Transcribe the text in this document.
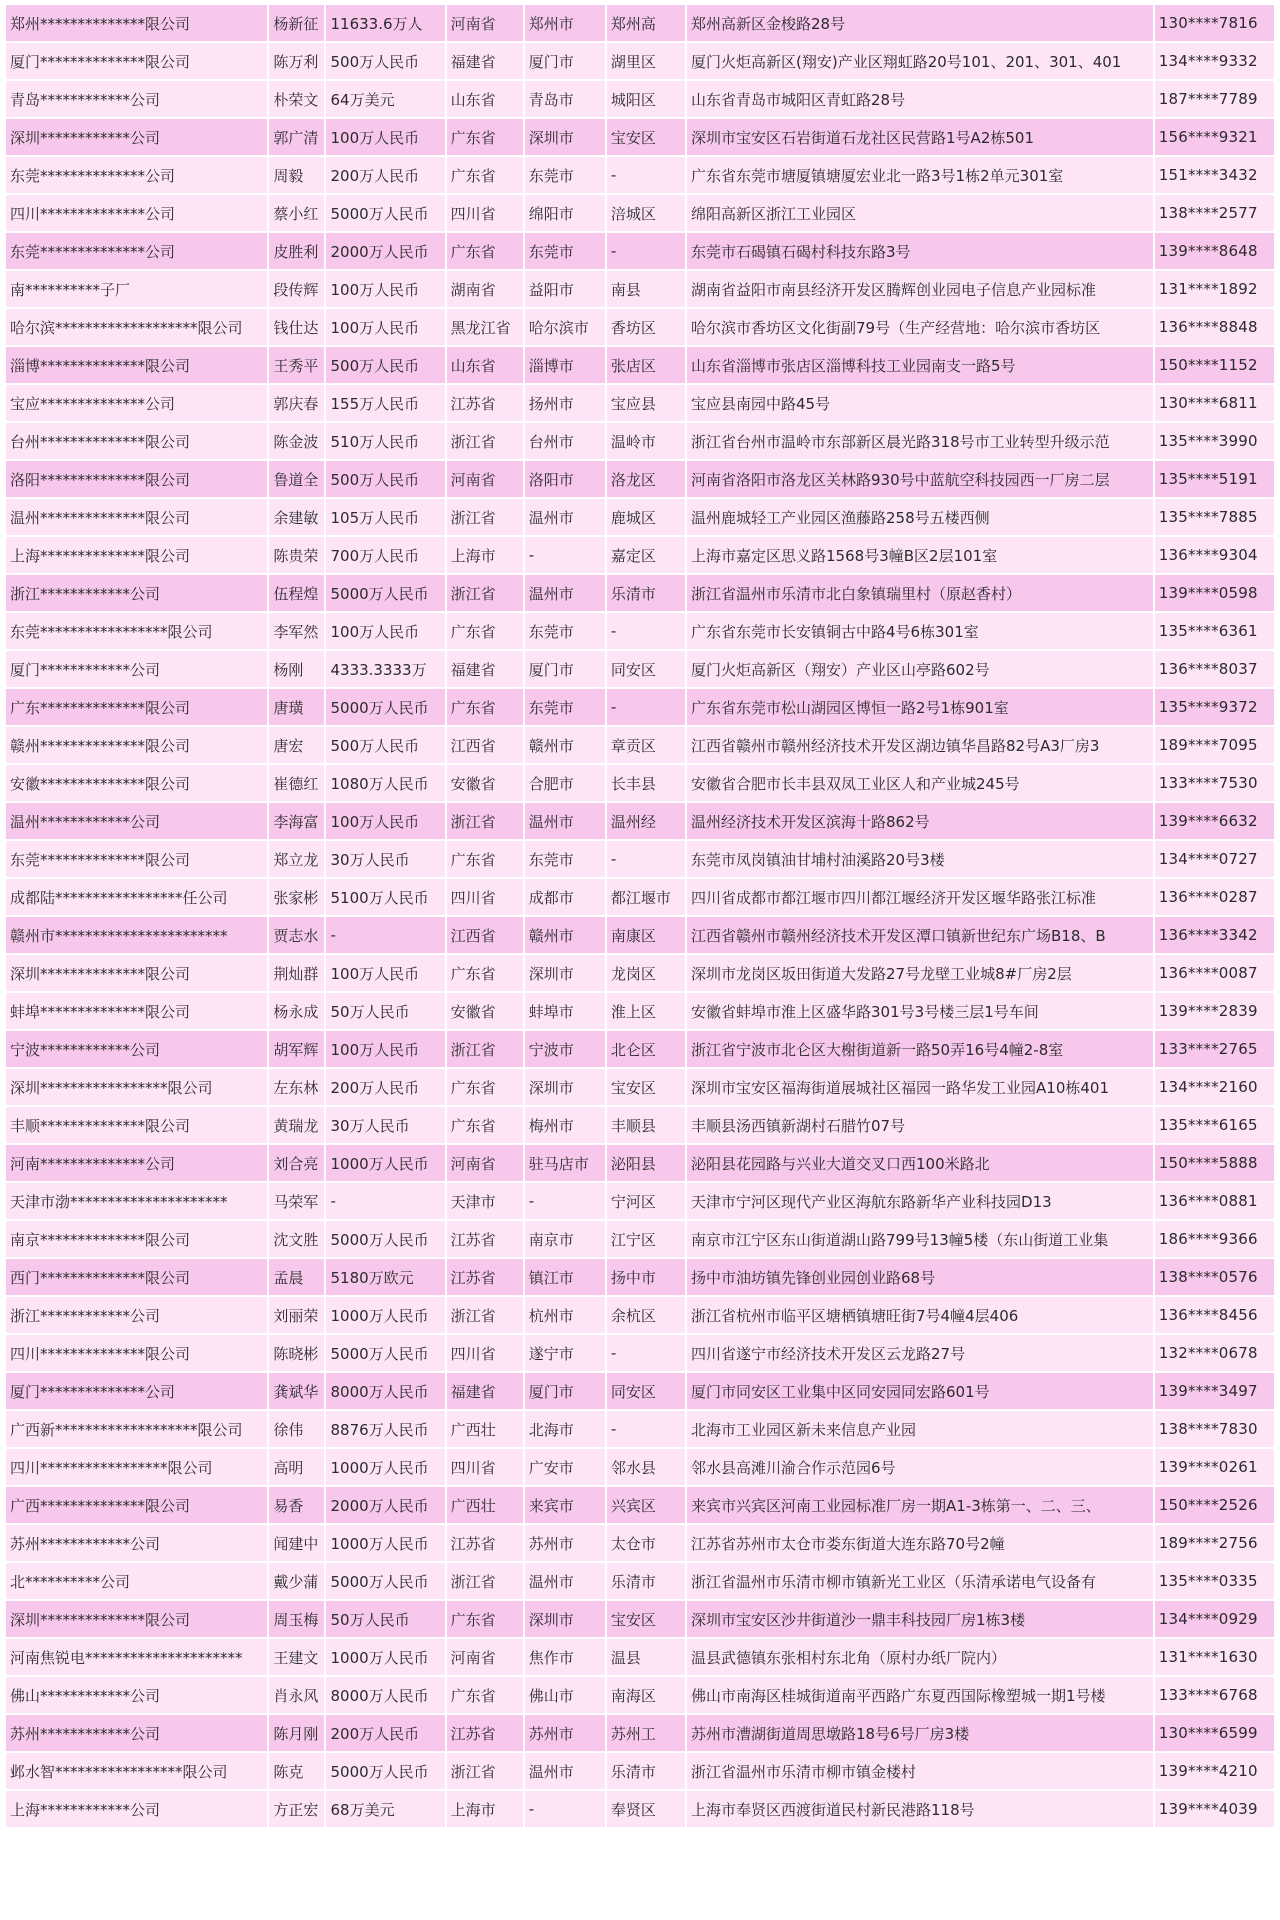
郑州**************限公司	杨新征	11633.6万人	河南省	郑州市	郑州高	郑州高新区金梭路28号	130****7816
厦门**************限公司	陈万利	500万人民币	福建省	厦门市	湖里区	厦门火炬高新区(翔安)产业区翔虹路20号101、201、301、401	134****9332
青岛************公司	朴荣文	64万美元	山东省	青岛市	城阳区	山东省青岛市城阳区青虹路28号	187****7789
深圳************公司	郭广清	100万人民币	广东省	深圳市	宝安区	深圳市宝安区石岩街道石龙社区民营路1号A2栋501	156****9321
东莞**************公司	周毅	200万人民币	广东省	东莞市	-	广东省东莞市塘厦镇塘厦宏业北一路3号1栋2单元301室	151****3432
四川**************公司	蔡小红	5000万人民币	四川省	绵阳市	涪城区	绵阳高新区浙江工业园区	138****2577
东莞**************公司	皮胜利	2000万人民币	广东省	东莞市	-	东莞市石碣镇石碣村科技东路3号	139****8648
南**********子厂	段传辉	100万人民币	湖南省	益阳市	南县	湖南省益阳市南县经济开发区腾辉创业园电子信息产业园标准	131****1892
哈尔滨*******************限公司	钱仕达	100万人民币	黑龙江省	哈尔滨市	香坊区	哈尔滨市香坊区文化街副79号（生产经营地：哈尔滨市香坊区	136****8848
淄博**************限公司	王秀平	500万人民币	山东省	淄博市	张店区	山东省淄博市张店区淄博科技工业园南支一路5号	150****1152
宝应**************公司	郭庆春	155万人民币	江苏省	扬州市	宝应县	宝应县南园中路45号	130****6811
台州**************限公司	陈金波	510万人民币	浙江省	台州市	温岭市	浙江省台州市温岭市东部新区晨光路318号市工业转型升级示范	135****3990
洛阳**************限公司	鲁道全	500万人民币	河南省	洛阳市	洛龙区	河南省洛阳市洛龙区关林路930号中蓝航空科技园西一厂房二层	135****5191
温州**************限公司	余建敏	105万人民币	浙江省	温州市	鹿城区	温州鹿城轻工产业园区渔藤路258号五楼西侧	135****7885
上海**************限公司	陈贵荣	700万人民币	上海市	-	嘉定区	上海市嘉定区思义路1568号3幢B区2层101室	136****9304
浙江************公司	伍程煌	5000万人民币	浙江省	温州市	乐清市	浙江省温州市乐清市北白象镇瑞里村（原赵香村）	139****0598
东莞*****************限公司	李军然	100万人民币	广东省	东莞市	-	广东省东莞市长安镇铜古中路4号6栋301室	135****6361
厦门************公司	杨刚	4333.3333万	福建省	厦门市	同安区	厦门火炬高新区（翔安）产业区山亭路602号	136****8037
广东**************限公司	唐璜	5000万人民币	广东省	东莞市	-	广东省东莞市松山湖园区博恒一路2号1栋901室	135****9372
赣州**************限公司	唐宏	500万人民币	江西省	赣州市	章贡区	江西省赣州市赣州经济技术开发区湖边镇华昌路82号A3厂房3	189****7095
安徽**************限公司	崔德红	1080万人民币	安徽省	合肥市	长丰县	安徽省合肥市长丰县双凤工业区人和产业城245号	133****7530
温州************公司	李海富	100万人民币	浙江省	温州市	温州经	温州经济技术开发区滨海十路862号	139****6632
东莞**************限公司	郑立龙	30万人民币	广东省	东莞市	-	东莞市凤岗镇油甘埔村油溪路20号3楼	134****0727
成都陆*****************任公司	张家彬	5100万人民币	四川省	成都市	都江堰市	四川省成都市都江堰市四川都江堰经济开发区堰华路张江标准	136****0287
赣州市***********************	贾志水	-	江西省	赣州市	南康区	江西省赣州市赣州经济技术开发区潭口镇新世纪东广场B18、B	136****3342
深圳**************限公司	荆灿群	100万人民币	广东省	深圳市	龙岗区	深圳市龙岗区坂田街道大发路27号龙壁工业城8#厂房2层	136****0087
蚌埠**************限公司	杨永成	50万人民币	安徽省	蚌埠市	淮上区	安徽省蚌埠市淮上区盛华路301号3号楼三层1号车间	139****2839
宁波************公司	胡军辉	100万人民币	浙江省	宁波市	北仑区	浙江省宁波市北仑区大榭街道新一路50弄16号4幢2-8室	133****2765
深圳*****************限公司	左东林	200万人民币	广东省	深圳市	宝安区	深圳市宝安区福海街道展城社区福园一路华发工业园A10栋401	134****2160
丰顺**************限公司	黄瑞龙	30万人民币	广东省	梅州市	丰顺县	丰顺县汤西镇新湖村石腊竹07号	135****6165
河南**************公司	刘合亮	1000万人民币	河南省	驻马店市	泌阳县	泌阳县花园路与兴业大道交叉口西100米路北	150****5888
天津市渤*********************	马荣军	-	天津市	-	宁河区	天津市宁河区现代产业区海航东路新华产业科技园D13	136****0881
南京**************限公司	沈文胜	5000万人民币	江苏省	南京市	江宁区	南京市江宁区东山街道湖山路799号13幢5楼（东山街道工业集	186****9366
西门**************限公司	孟晨	5180万欧元	江苏省	镇江市	扬中市	扬中市油坊镇先锋创业园创业路68号	138****0576
浙江************公司	刘丽荣	1000万人民币	浙江省	杭州市	余杭区	浙江省杭州市临平区塘栖镇塘旺街7号4幢4层406	136****8456
四川**************限公司	陈晓彬	5000万人民币	四川省	遂宁市	-	四川省遂宁市经济技术开发区云龙路27号	132****0678
厦门**************公司	龚斌华	8000万人民币	福建省	厦门市	同安区	厦门市同安区工业集中区同安园同宏路601号	139****3497
广西新*******************限公司	徐伟	8876万人民币	广西壮	北海市	-	北海市工业园区新未来信息产业园	138****7830
四川*****************限公司	高明	1000万人民币	四川省	广安市	邻水县	邻水县高滩川渝合作示范园6号	139****0261
广西**************限公司	易香	2000万人民币	广西壮	来宾市	兴宾区	来宾市兴宾区河南工业园标准厂房一期A1-3栋第一、二、三、	150****2526
苏州************公司	闻建中	1000万人民币	江苏省	苏州市	太仓市	江苏省苏州市太仓市娄东街道大连东路70号2幢	189****2756
北**********公司	戴少蒲	5000万人民币	浙江省	温州市	乐清市	浙江省温州市乐清市柳市镇新光工业区（乐清承诺电气设备有	135****0335
深圳**************限公司	周玉梅	50万人民币	广东省	深圳市	宝安区	深圳市宝安区沙井街道沙一鼎丰科技园厂房1栋3楼	134****0929
河南焦锐电*********************	王建文	1000万人民币	河南省	焦作市	温县	温县武德镇东张相村东北角（原村办纸厂院内）	131****1630
佛山************公司	肖永风	8000万人民币	广东省	佛山市	南海区	佛山市南海区桂城街道南平西路广东夏西国际橡塑城一期1号楼	133****6768
苏州************公司	陈月刚	200万人民币	江苏省	苏州市	苏州工	苏州市漕湖街道周思墩路18号6号厂房3楼	130****6599
邺水智*****************限公司	陈克	5000万人民币	浙江省	温州市	乐清市	浙江省温州市乐清市柳市镇金楼村	139****4210
上海************公司	方正宏	68万美元	上海市	-	奉贤区	上海市奉贤区西渡街道民村新民港路118号	139****4039
